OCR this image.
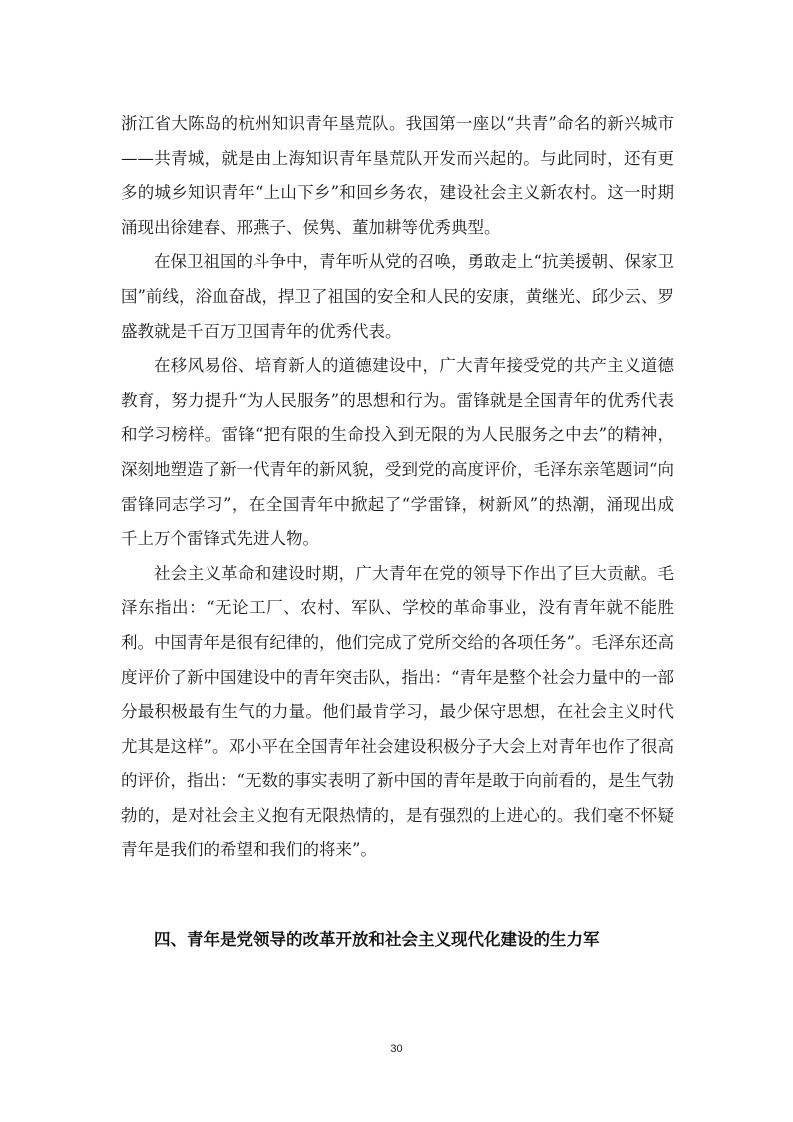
浙江省大陈岛的杭州知识青年垦荒队。我国第一座以“共青”命名的新兴城市——共青城，就是由上海知识青年垦荒队开发而兴起的。与此同时，还有更多的城乡知识青年“上山下乡”和回乡务农，建设社会主义新农村。这一时期涌现出徐建春、邢燕子、侯隽、董加耕等优秀典型。

在保卫祖国的斗争中，青年听从党的召唤，勇敢走上“抗美援朝、保家卫国”前线，浴血奋战，捍卫了祖国的安全和人民的安康，黄继光、邱少云、罗盛教就是千百万卫国青年的优秀代表。

在移风易俗、培育新人的道德建设中，广大青年接受党的共产主义道德教育，努力提升“为人民服务”的思想和行为。雷锋就是全国青年的优秀代表和学习榜样。雷锋“把有限的生命投入到无限的为人民服务之中去”的精神，深刻地塑造了新一代青年的新风貌，受到党的高度评价，毛泽东亲笔题词“向雷锋同志学习”，在全国青年中掀起了“学雷锋，树新风”的热潮，涌现出成千上万个雷锋式先进人物。

社会主义革命和建设时期，广大青年在党的领导下作出了巨大贡献。毛泽东指出：“无论工厂、农村、军队、学校的革命事业，没有青年就不能胜利。中国青年是很有纪律的，他们完成了党所交给的各项任务”。毛泽东还高度评价了新中国建设中的青年突击队，指出：“青年是整个社会力量中的一部分最积极最有生气的力量。他们最肯学习，最少保守思想，在社会主义时代尤其是这样”。邓小平在全国青年社会建设积极分子大会上对青年也作了很高的评价，指出：“无数的事实表明了新中国的青年是敢于向前看的，是生气勃勃的，是对社会主义抱有无限热情的，是有强烈的上进心的。我们毫不怀疑青年是我们的希望和我们的将来”。

四、青年是党领导的改革开放和社会主义现代化建设的生力军
30
